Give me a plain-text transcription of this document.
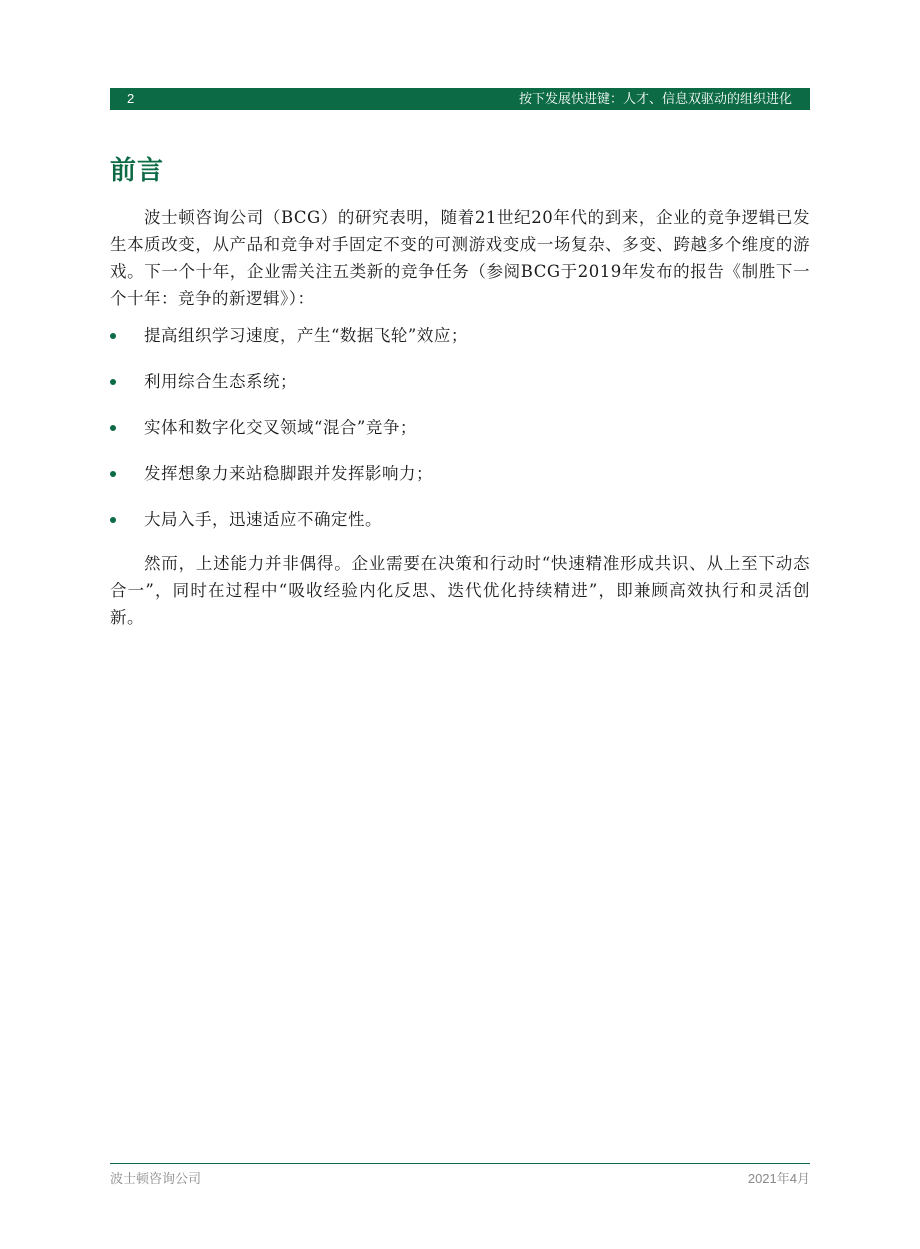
2	按下发展快进键：人才、信息双驱动的组织进化
前言

波士顿咨询公司（BCG）的研究表明，随着21世纪20年代的到来，企业的竞争逻辑已发生本质改变，从产品和竞争对手固定不变的可测游戏变成一场复杂、多变、跨越多个维度的游戏。下一个十年，企业需关注五类新的竞争任务（参阅BCG于2019年发布的报告《制胜下一个十年：竞争的新逻辑》）：

提高组织学习速度，产生“数据飞轮”效应；
利用综合生态系统；
实体和数字化交叉领域“混合”竞争；
发挥想象力来站稳脚跟并发挥影响力；
大局入手，迅速适应不确定性。

然而，上述能力并非偶得。企业需要在决策和行动时“快速精准形成共识、从上至下动态合一”，同时在过程中“吸收经验内化反思、迭代优化持续精进”，即兼顾高效执行和灵活创新。

波士顿咨询公司	2021年4月
